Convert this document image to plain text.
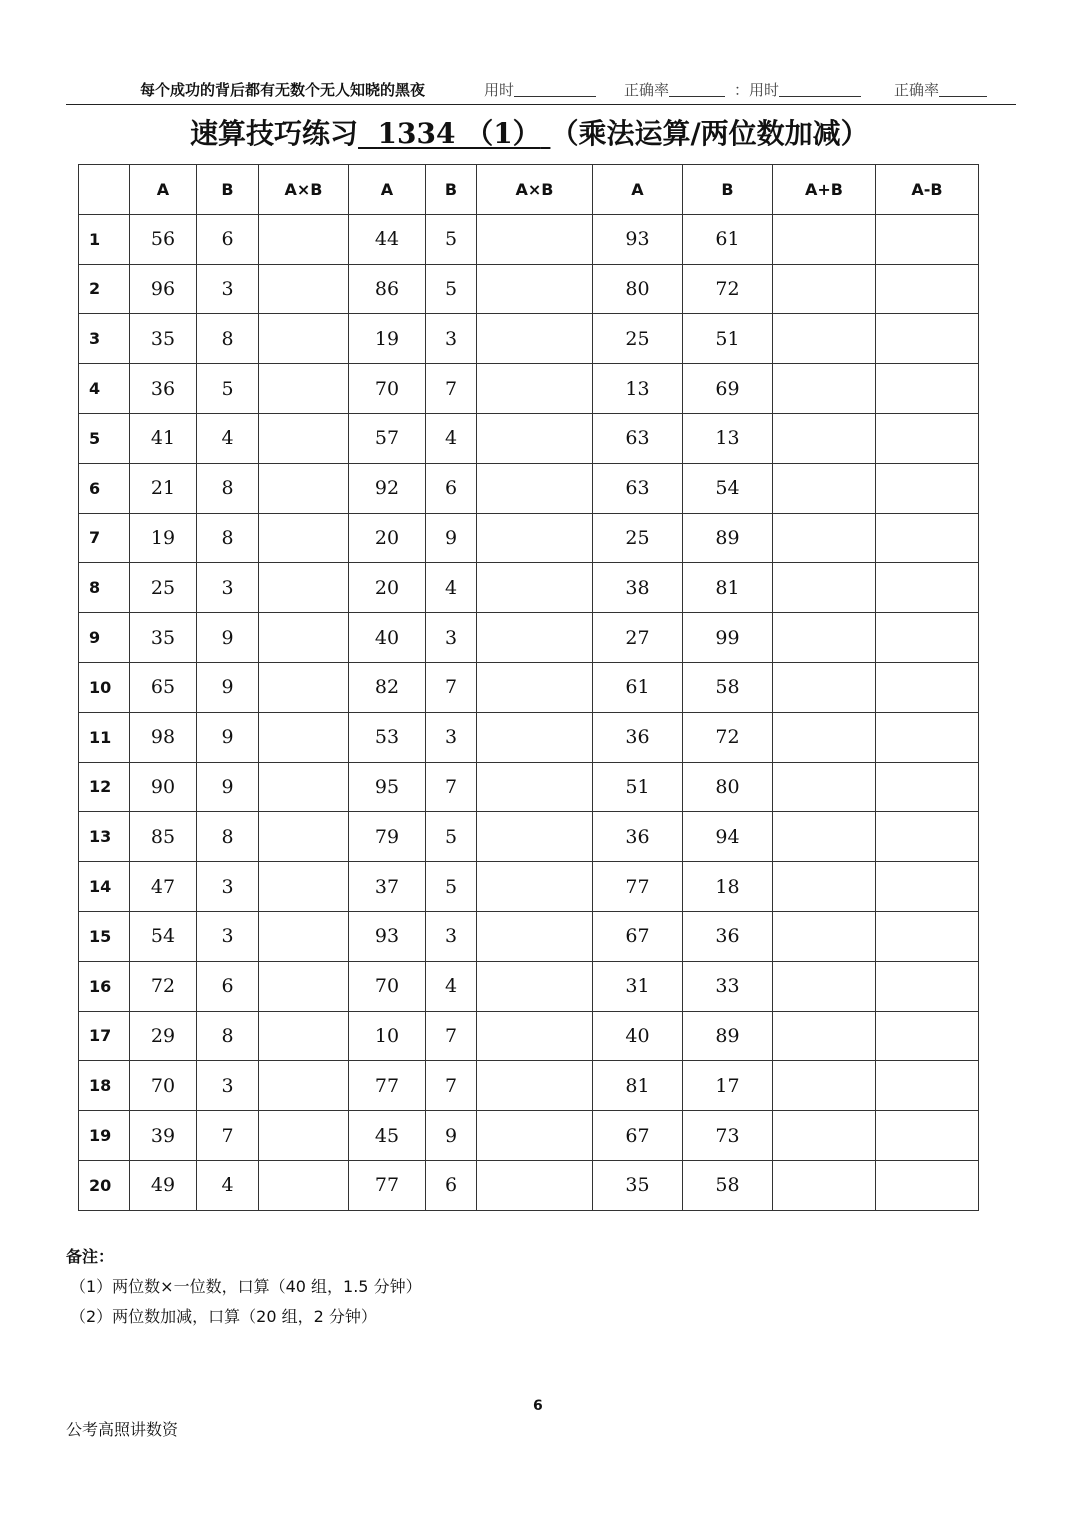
每个成功的背后都有无数个无人知晓的黑夜	用时	正确率	：用时	正确率
速算技巧练习 1334 （1） （乘法运算/两位数加减）
	A	B	A×B	A	B	A×B	A	B	A+B	A-B
1	56	6		44	5		93	61		
2	96	3		86	5		80	72		
3	35	8		19	3		25	51		
4	36	5		70	7		13	69		
5	41	4		57	4		63	13		
6	21	8		92	6		63	54		
7	19	8		20	9		25	89		
8	25	3		20	4		38	81		
9	35	9		40	3		27	99		
10	65	9		82	7		61	58		
11	98	9		53	3		36	72		
12	90	9		95	7		51	80		
13	85	8		79	5		36	94		
14	47	3		37	5		77	18		
15	54	3		93	3		67	36		
16	72	6		70	4		31	33		
17	29	8		10	7		40	89		
18	70	3		77	7		81	17		
19	39	7		45	9		67	73		
20	49	4		77	6		35	58		
备注：
（1）两位数×一位数，口算（40 组，1.5 分钟）
（2）两位数加减，口算（20 组，2 分钟）
6
公考高照讲数资
